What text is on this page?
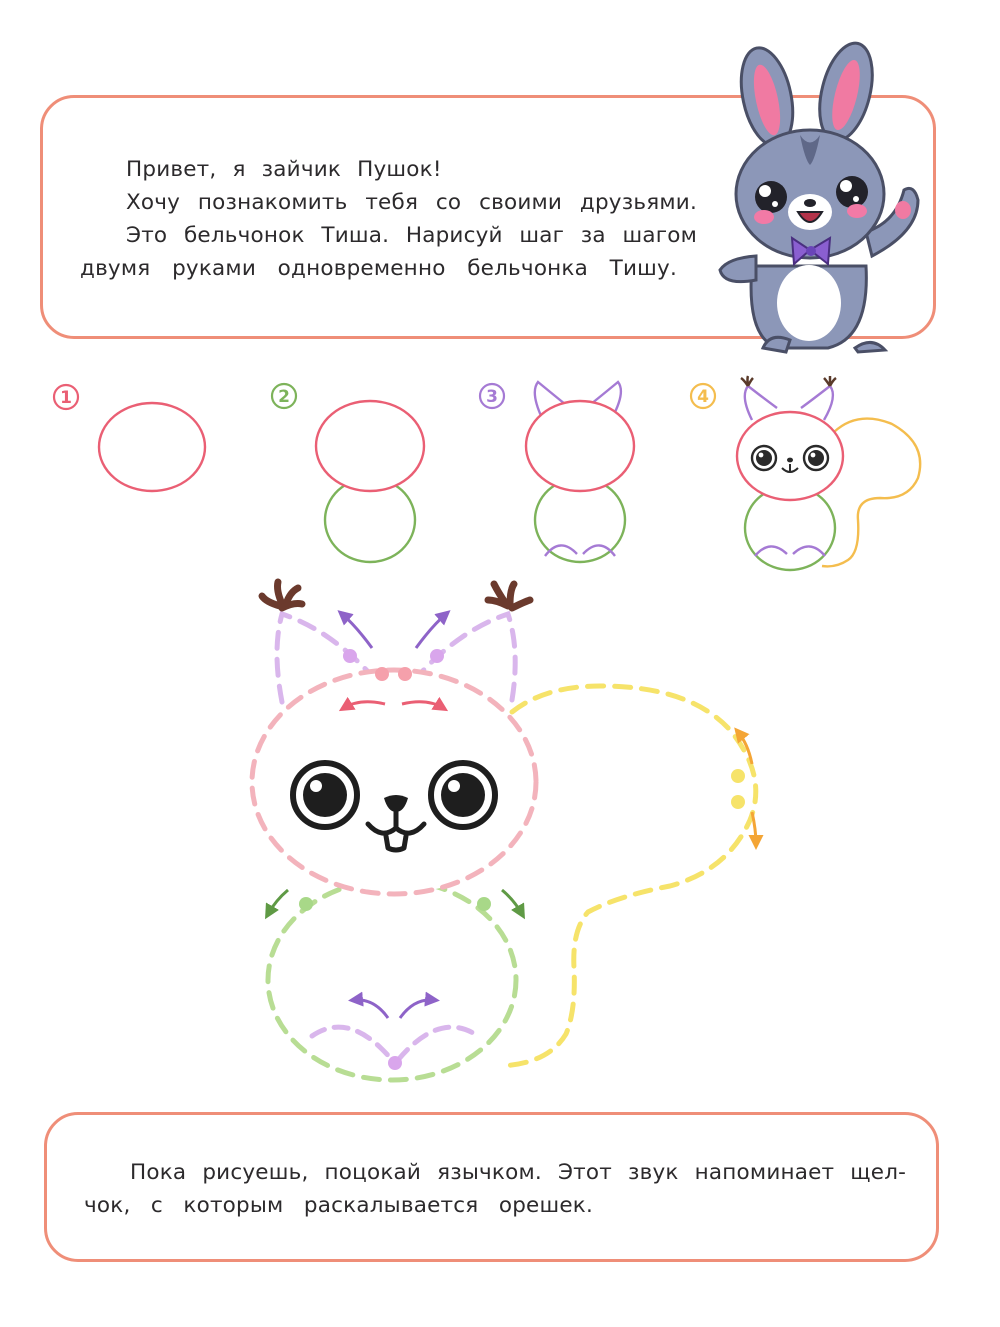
Привет, я зайчик Пушок!
Хочу познакомить тебя со своими друзьями.
Это бельчонок Тиша. Нарисуй шаг за шагом
двумя руками одновременно бельчонка Тишу.
Пока рисуешь, поцокай язычком. Этот звук напоминает щел-
чок, с которым раскалывается орешек.
1	2	3	4
